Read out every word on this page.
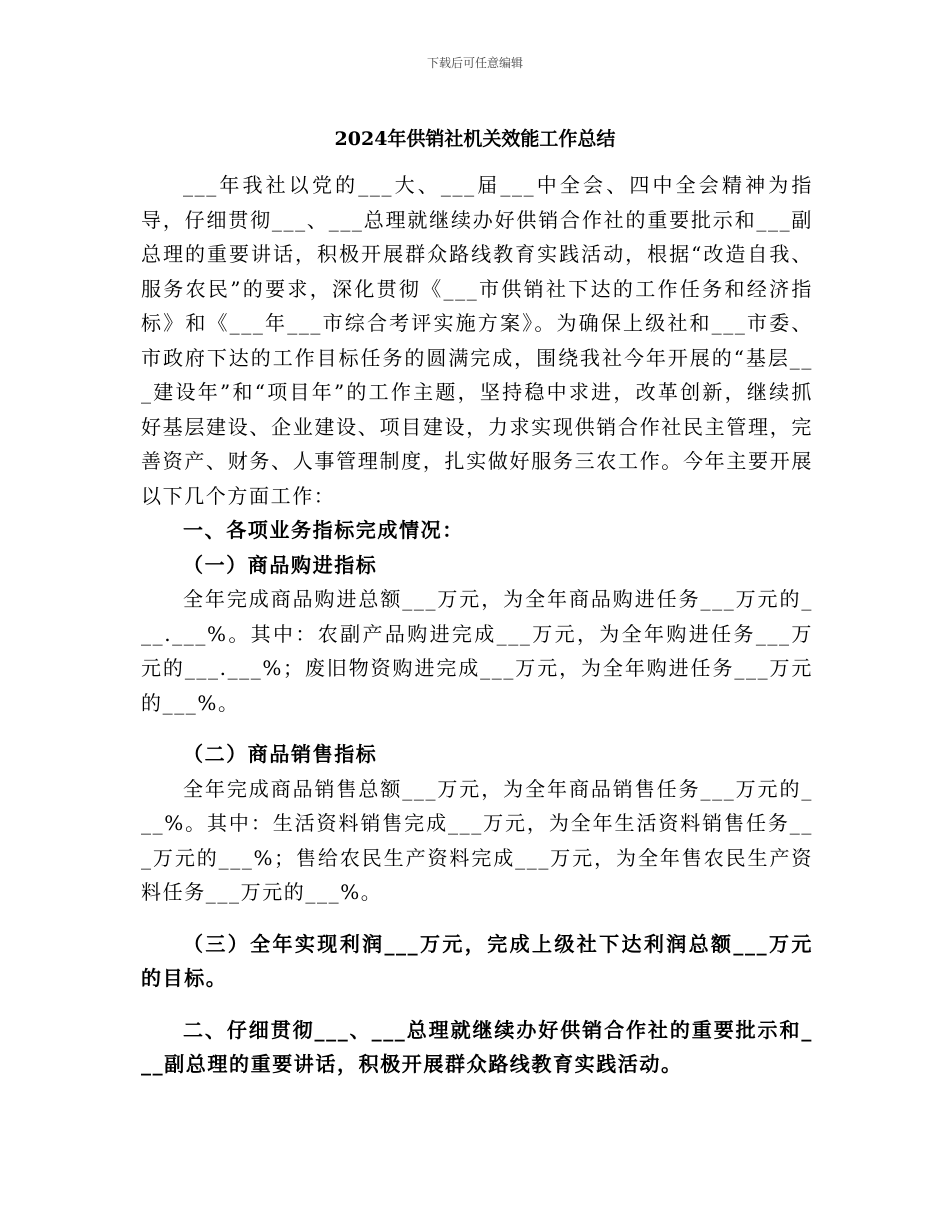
下载后可任意编辑
2024年供销社机关效能工作总结

___年我社以党的___大、___届___中全会、四中全会精神为指导，仔细贯彻___、___总理就继续办好供销合作社的重要批示和___副总理的重要讲话，积极开展群众路线教育实践活动，根据“改造自我、服务农民”的要求，深化贯彻《___市供销社下达的工作任务和经济指标》和《___年___市综合考评实施方案》。为确保上级社和___市委、市政府下达的工作目标任务的圆满完成，围绕我社今年开展的“基层___建设年”和“项目年”的工作主题，坚持稳中求进，改革创新，继续抓好基层建设、企业建设、项目建设，力求实现供销合作社民主管理，完善资产、财务、人事管理制度，扎实做好服务三农工作。今年主要开展以下几个方面工作：

一、各项业务指标完成情况：

（一）商品购进指标

全年完成商品购进总额___万元，为全年商品购进任务___万元的___.___%。其中：农副产品购进完成___万元，为全年购进任务___万元的___.___%；废旧物资购进完成___万元，为全年购进任务___万元的___%。

（二）商品销售指标

全年完成商品销售总额___万元，为全年商品销售任务___万元的___%。其中：生活资料销售完成___万元，为全年生活资料销售任务___万元的___%；售给农民生产资料完成___万元，为全年售农民生产资料任务___万元的___%。

（三）全年实现利润___万元，完成上级社下达利润总额___万元的目标。

二、仔细贯彻___、___总理就继续办好供销合作社的重要批示和___副总理的重要讲话，积极开展群众路线教育实践活动。
